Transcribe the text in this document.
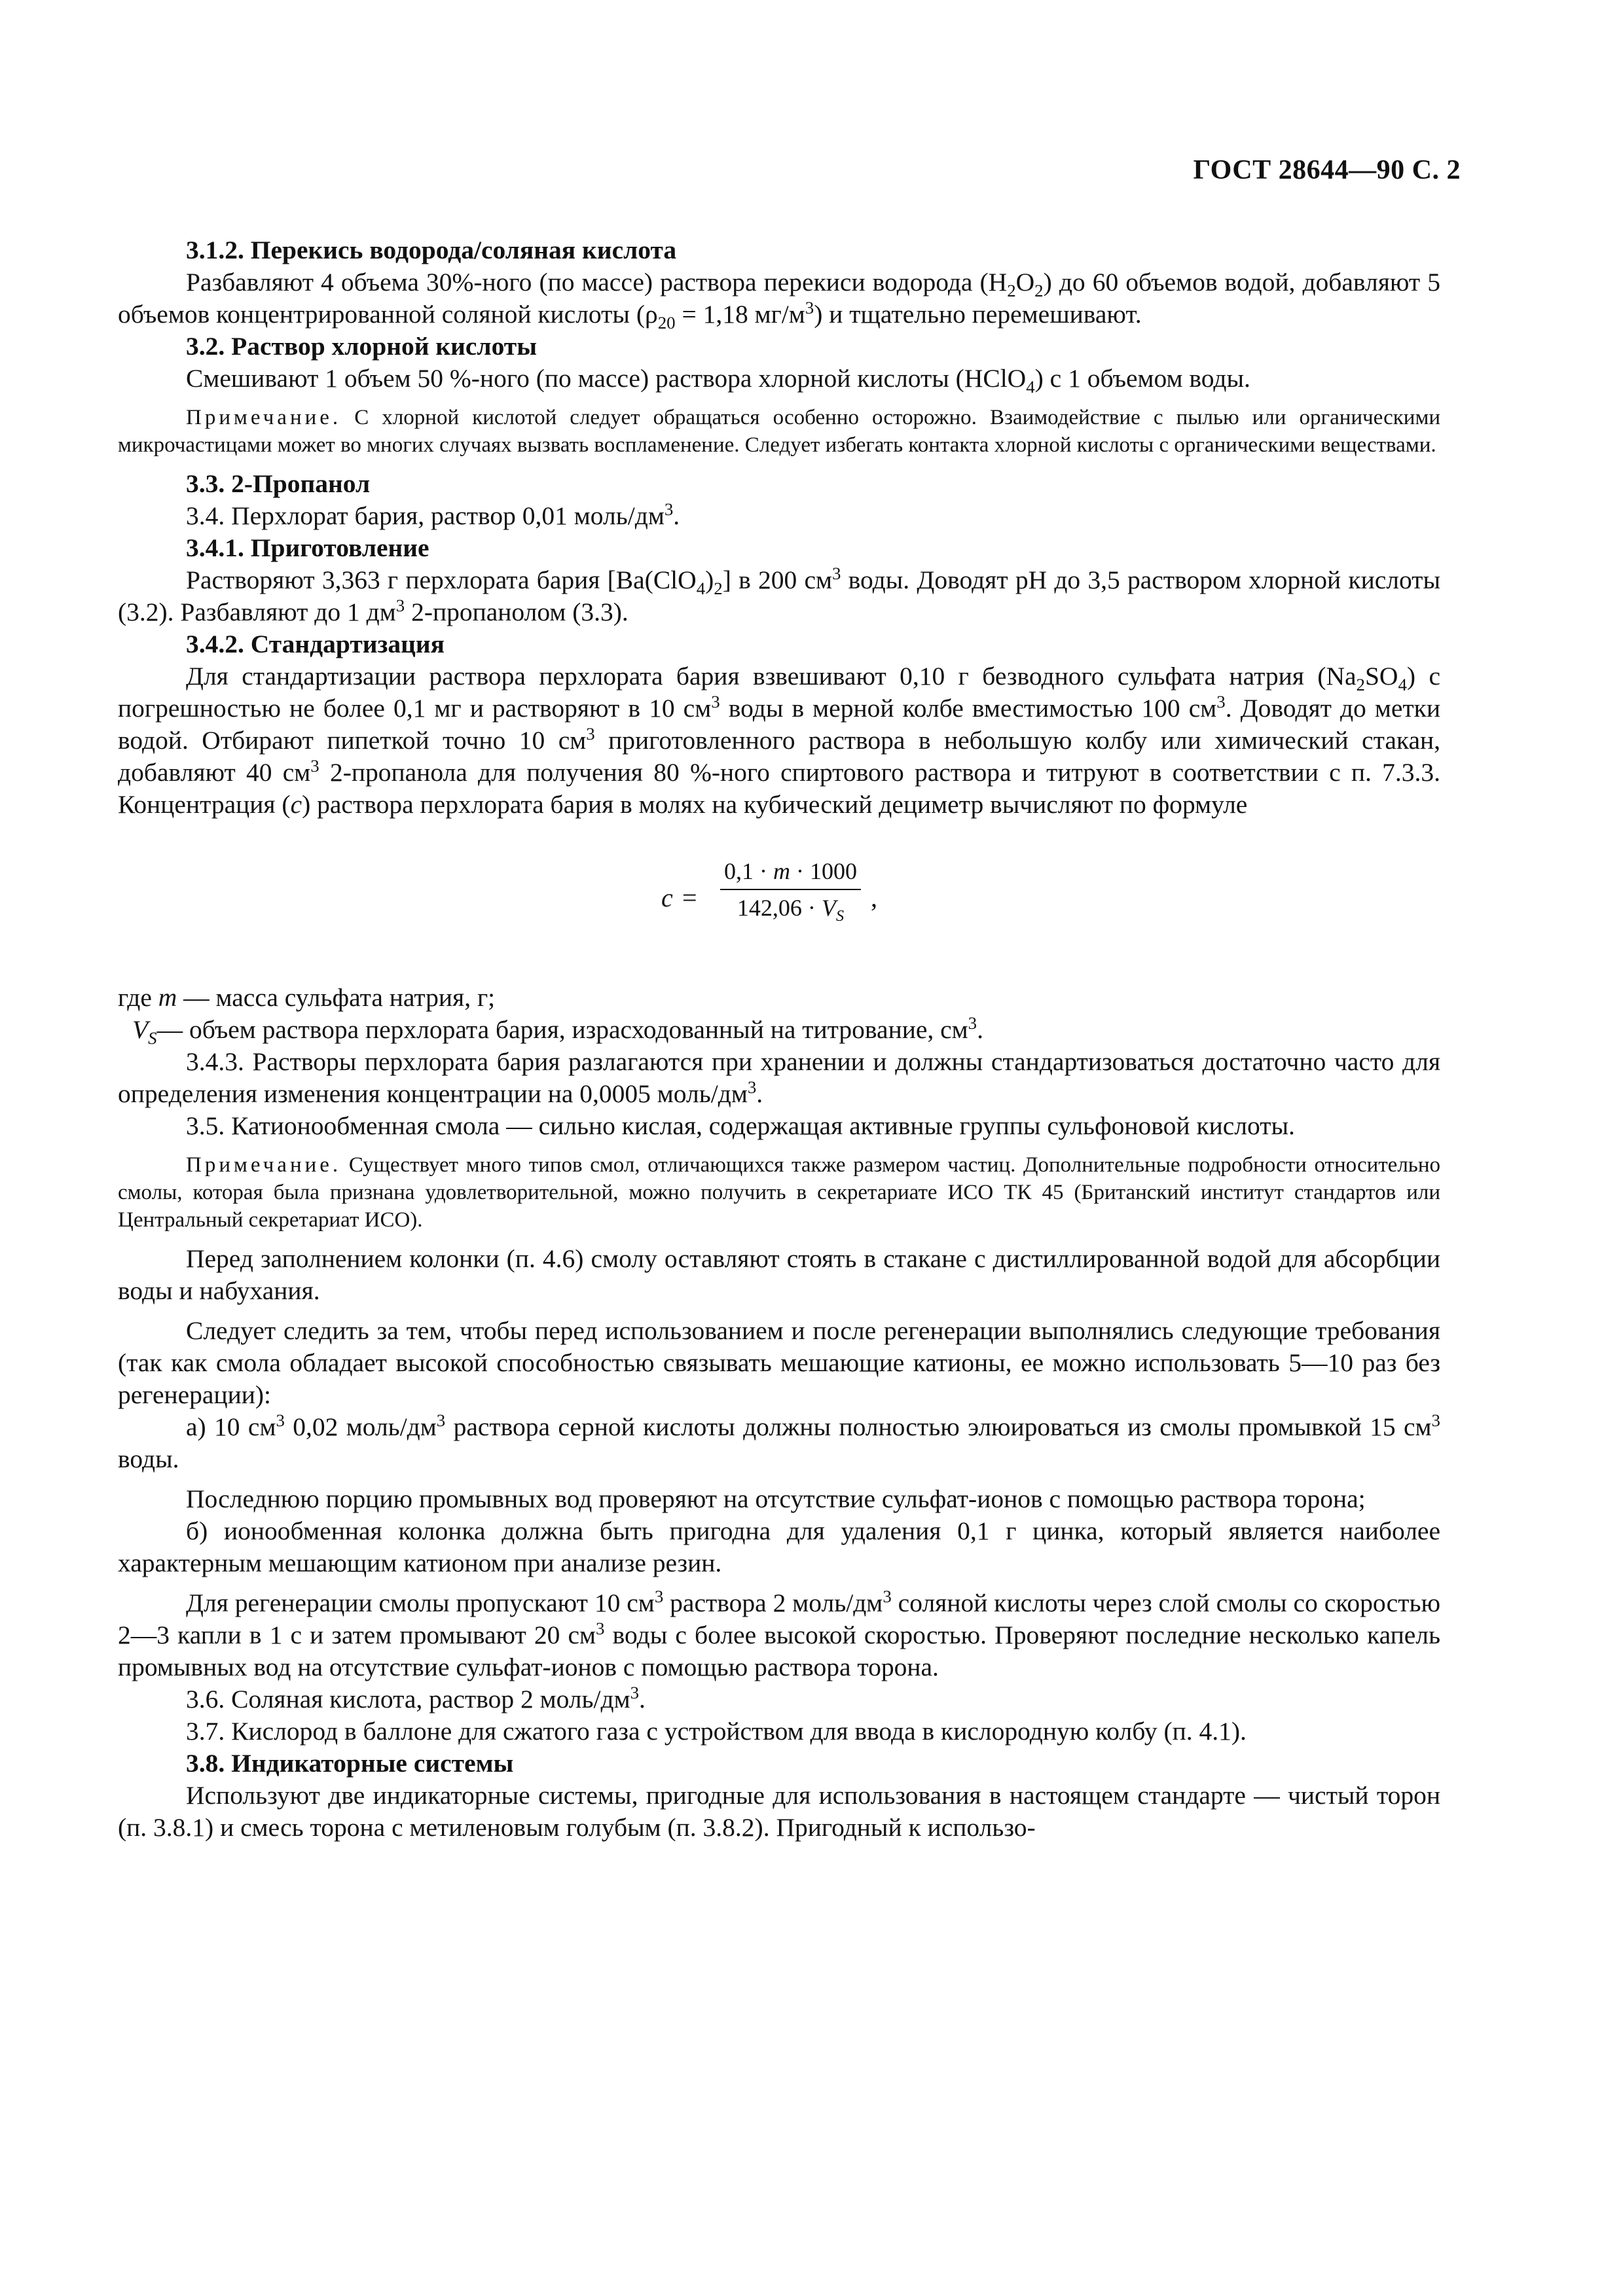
ГОСТ 28644—90 С. 2

3.1.2. Перекись водорода/соляная кислота

Разбавляют 4 объема 30%-ного (по массе) раствора перекиси водорода $(H_2O_2)$ до 60 объемов водой, добавляют 5 объемов концентрированной соляной кислоты ($\rho_{20} = 1,18$ $мг/м^3$) и тщательно перемешивают.

3.2. Раствор хлорной кислоты

Смешивают 1 объем 50 %-ного (по массе) раствора хлорной кислоты (HClO$_4$) с 1 объемом воды.

Примечание. С хлорной кислотой следует обращаться особенно осторожно. Взаимодействие с пылью или органическими микрочастицами может во многих случаях вызвать воспламенение. Следует избегать контакта хлорной кислоты с органическими веществами.

3.3. 2-Пропанол

3.4. Перхлорат бария, раствор 0,01 моль/$дм^3$.

3.4.1. Приготовление

Растворяют 3,363 г перхлората бария $[Ba(ClO_4)_2]$ в 200 $см^3$ воды. Доводят pH до 3,5 раствором хлорной кислоты (3.2). Разбавляют до 1 $дм^3$ 2-пропанолом (3.3).

3.4.2. Стандартизация

Для стандартизации раствора перхлората бария взвешивают 0,10 г безводного сульфата натрия $(Na_2SO_4)$ с погрешностью не более 0,1 мг и растворяют в 10 $см^3$ воды в мерной колбе вместимостью 100 $см^3$. Доводят до метки водой. Отбирают пипеткой точно 10 $см^3$ приготовленного раствора в небольшую колбу или химический стакан, добавляют 40 $см^3$ 2-пропанола для получения 80 %-ного спиртового раствора и титруют в соответствии с п. 7.3.3. Концентрация (c) раствора перхлората бария в молях на кубический дециметр вычисляют по формуле

$c = \frac{0,1 \cdot m \cdot 1000}{142,06 \cdot V_S}$ ,

где m — масса сульфата натрия, г;

$V_S—$ объем раствора перхлората бария, израсходованный на титрование, $см^3$.

3.4.3. Растворы перхлората бария разлагаются при хранении и должны стандартизоваться достаточно часто для определения изменения концентрации на 0,0005 моль/$дм^3$.

3.5. Катионообменная смола — сильно кислая, содержащая активные группы сульфоновой кислоты.

Примечание. Существует много типов смол, отличающихся также размером частиц. Дополнительные подробности относительно смолы, которая была признана удовлетворительной, можно получить в секретариате ИСО ТК 45 (Британский институт стандартов или Центральный секретариат ИСО).

Перед заполнением колонки (п. 4.6) смолу оставляют стоять в стакане с дистиллированной водой для абсорбции воды и набухания.

Следует следить за тем, чтобы перед использованием и после регенерации выполнялись следующие требования (так как смола обладает высокой способностью связывать мешающие катионы, ее можно использовать 5—10 раз без регенерации):

а) 10 $см^3$ 0,02 моль/$дм^3$ раствора серной кислоты должны полностью элюироваться из смолы промывкой 15 $см^3$ воды.

Последнюю порцию промывных вод проверяют на отсутствие сульфат-ионов с помощью раствора торона;

б) ионообменная колонка должна быть пригодна для удаления 0,1 г цинка, который является наиболее характерным мешающим катионом при анализе резин.

Для регенерации смолы пропускают 10 $см^3$ раствора 2 моль/$дм^3$ соляной кислоты через слой смолы со скоростью 2—3 капли в 1 с и затем промывают 20 $см^3$ воды с более высокой скоростью. Проверяют последние несколько капель промывных вод на отсутствие сульфат-ионов с помощью раствора торона.

3.6. Соляная кислота, раствор 2 моль/$дм^3$.

3.7. Кислород в баллоне для сжатого газа с устройством для ввода в кислородную колбу (п. 4.1).

3.8. Индикаторные системы

Используют две индикаторные системы, пригодные для использования в настоящем стандарте — чистый торон (п. 3.8.1) и смесь торона с метиленовым голубым (п. 3.8.2). Пригодный к использо-
